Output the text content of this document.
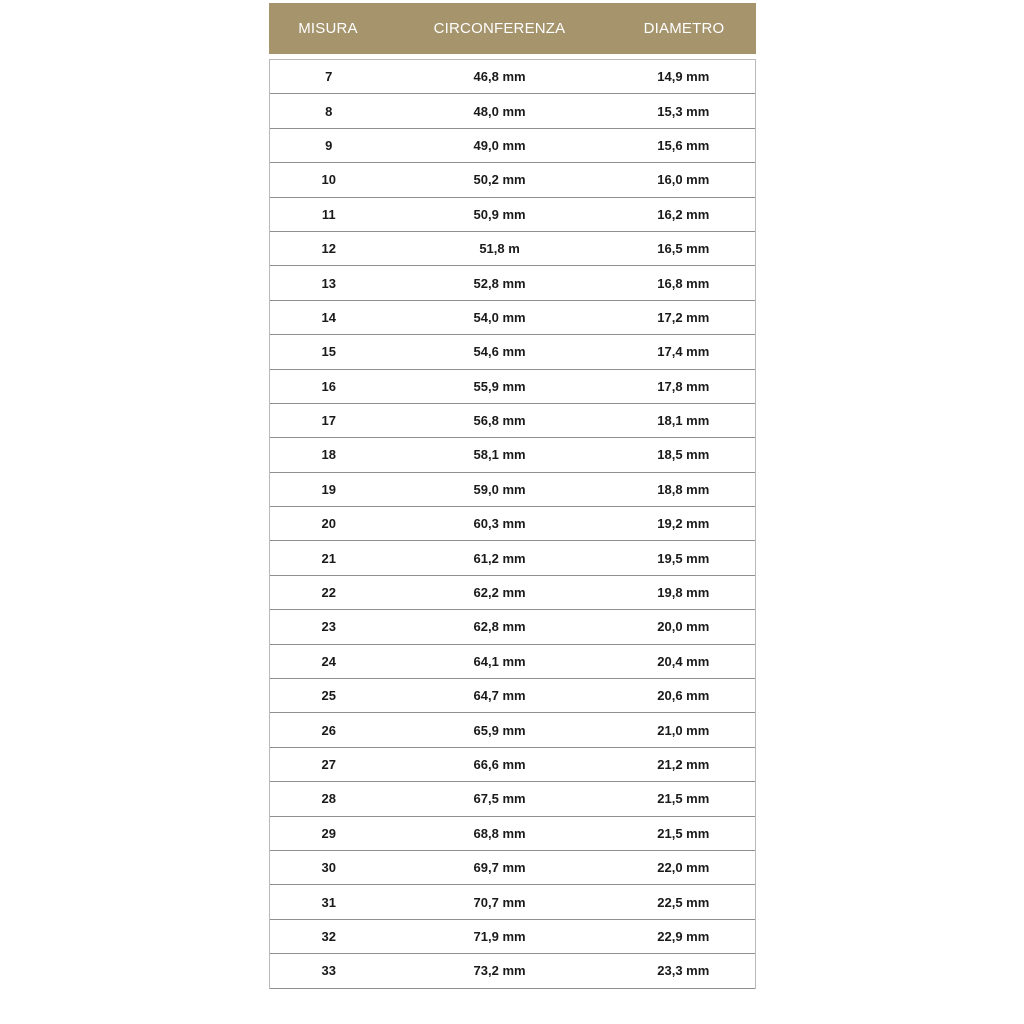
MISURA	CIRCONFERENZA	DIAMETRO
7	46,8 mm	14,9 mm
8	48,0 mm	15,3 mm
9	49,0 mm	15,6 mm
10	50,2 mm	16,0 mm
11	50,9 mm	16,2 mm
12	51,8 m	16,5 mm
13	52,8 mm	16,8 mm
14	54,0 mm	17,2 mm
15	54,6 mm	17,4 mm
16	55,9 mm	17,8 mm
17	56,8 mm	18,1 mm
18	58,1 mm	18,5 mm
19	59,0 mm	18,8 mm
20	60,3 mm	19,2 mm
21	61,2 mm	19,5 mm
22	62,2 mm	19,8 mm
23	62,8 mm	20,0 mm
24	64,1 mm	20,4 mm
25	64,7 mm	20,6 mm
26	65,9 mm	21,0 mm
27	66,6 mm	21,2 mm
28	67,5 mm	21,5 mm
29	68,8 mm	21,5 mm
30	69,7 mm	22,0 mm
31	70,7 mm	22,5 mm
32	71,9 mm	22,9 mm
33	73,2 mm	23,3 mm
